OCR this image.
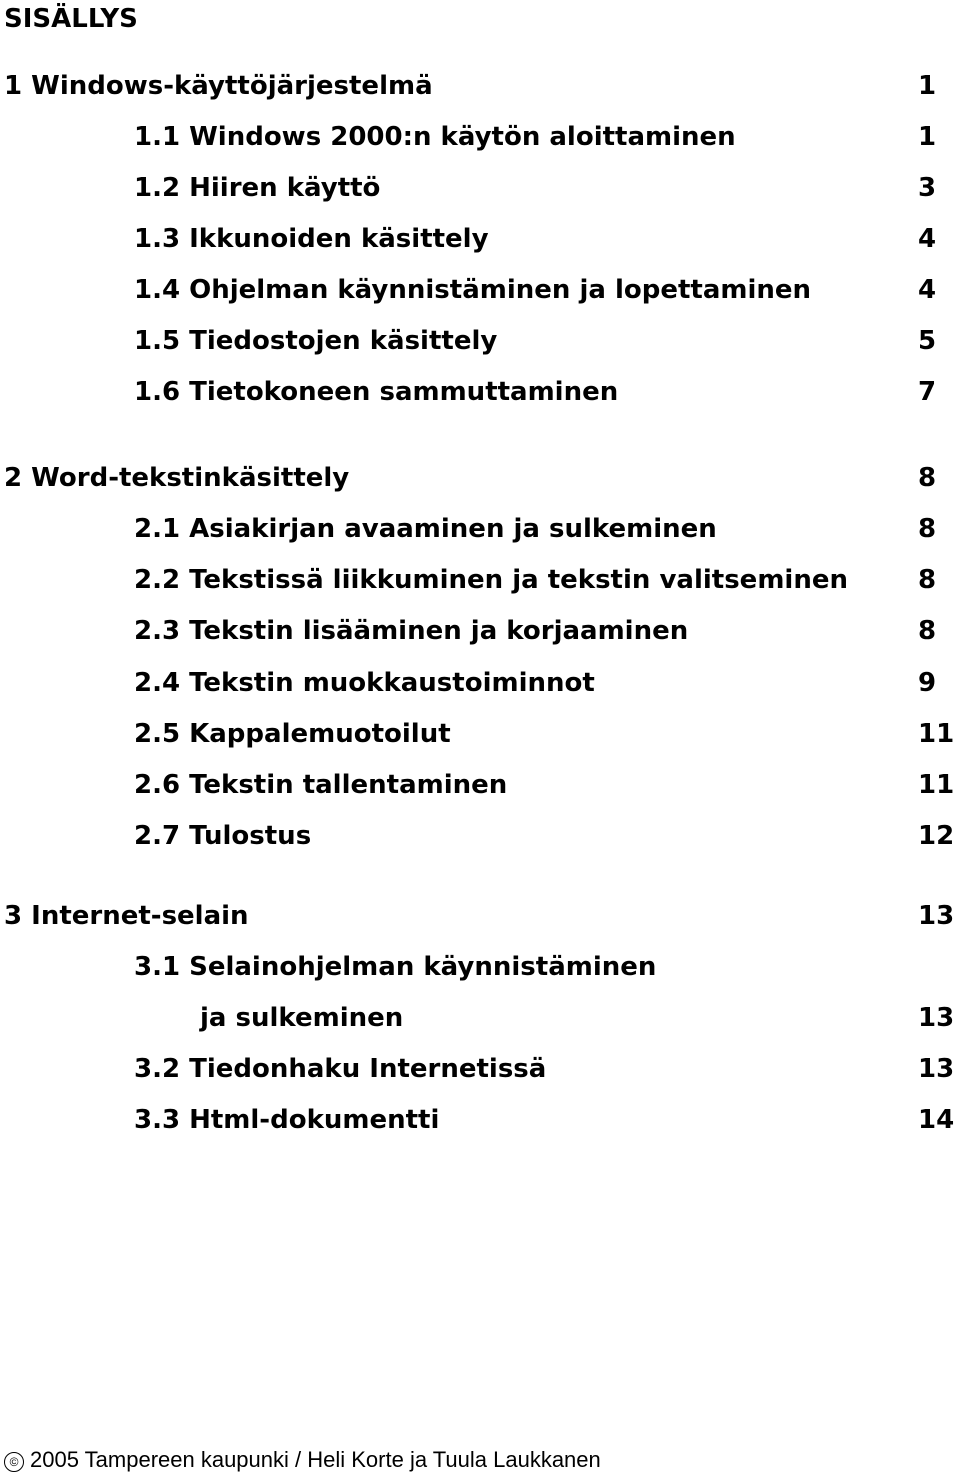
SISÄLLYS
1 Windows-käyttöjärjestelmä	1
1.1 Windows 2000:n käytön aloittaminen	1
1.2 Hiiren käyttö	3
1.3 Ikkunoiden käsittely	4
1.4 Ohjelman käynnistäminen ja lopettaminen	4
1.5 Tiedostojen käsittely	5
1.6 Tietokoneen sammuttaminen	7
2 Word-tekstinkäsittely	8
2.1 Asiakirjan avaaminen ja sulkeminen	8
2.2 Tekstissä liikkuminen ja tekstin valitseminen	8
2.3 Tekstin lisääminen ja korjaaminen	8
2.4 Tekstin muokkaustoiminnot	9
2.5 Kappalemuotoilut	11
2.6 Tekstin tallentaminen	11
2.7 Tulostus	12
3 Internet-selain	13
3.1 Selainohjelman käynnistäminen
ja sulkeminen	13
3.2 Tiedonhaku Internetissä	13
3.3 Html-dokumentti	14
© 2005 Tampereen kaupunki / Heli Korte ja Tuula Laukkanen
